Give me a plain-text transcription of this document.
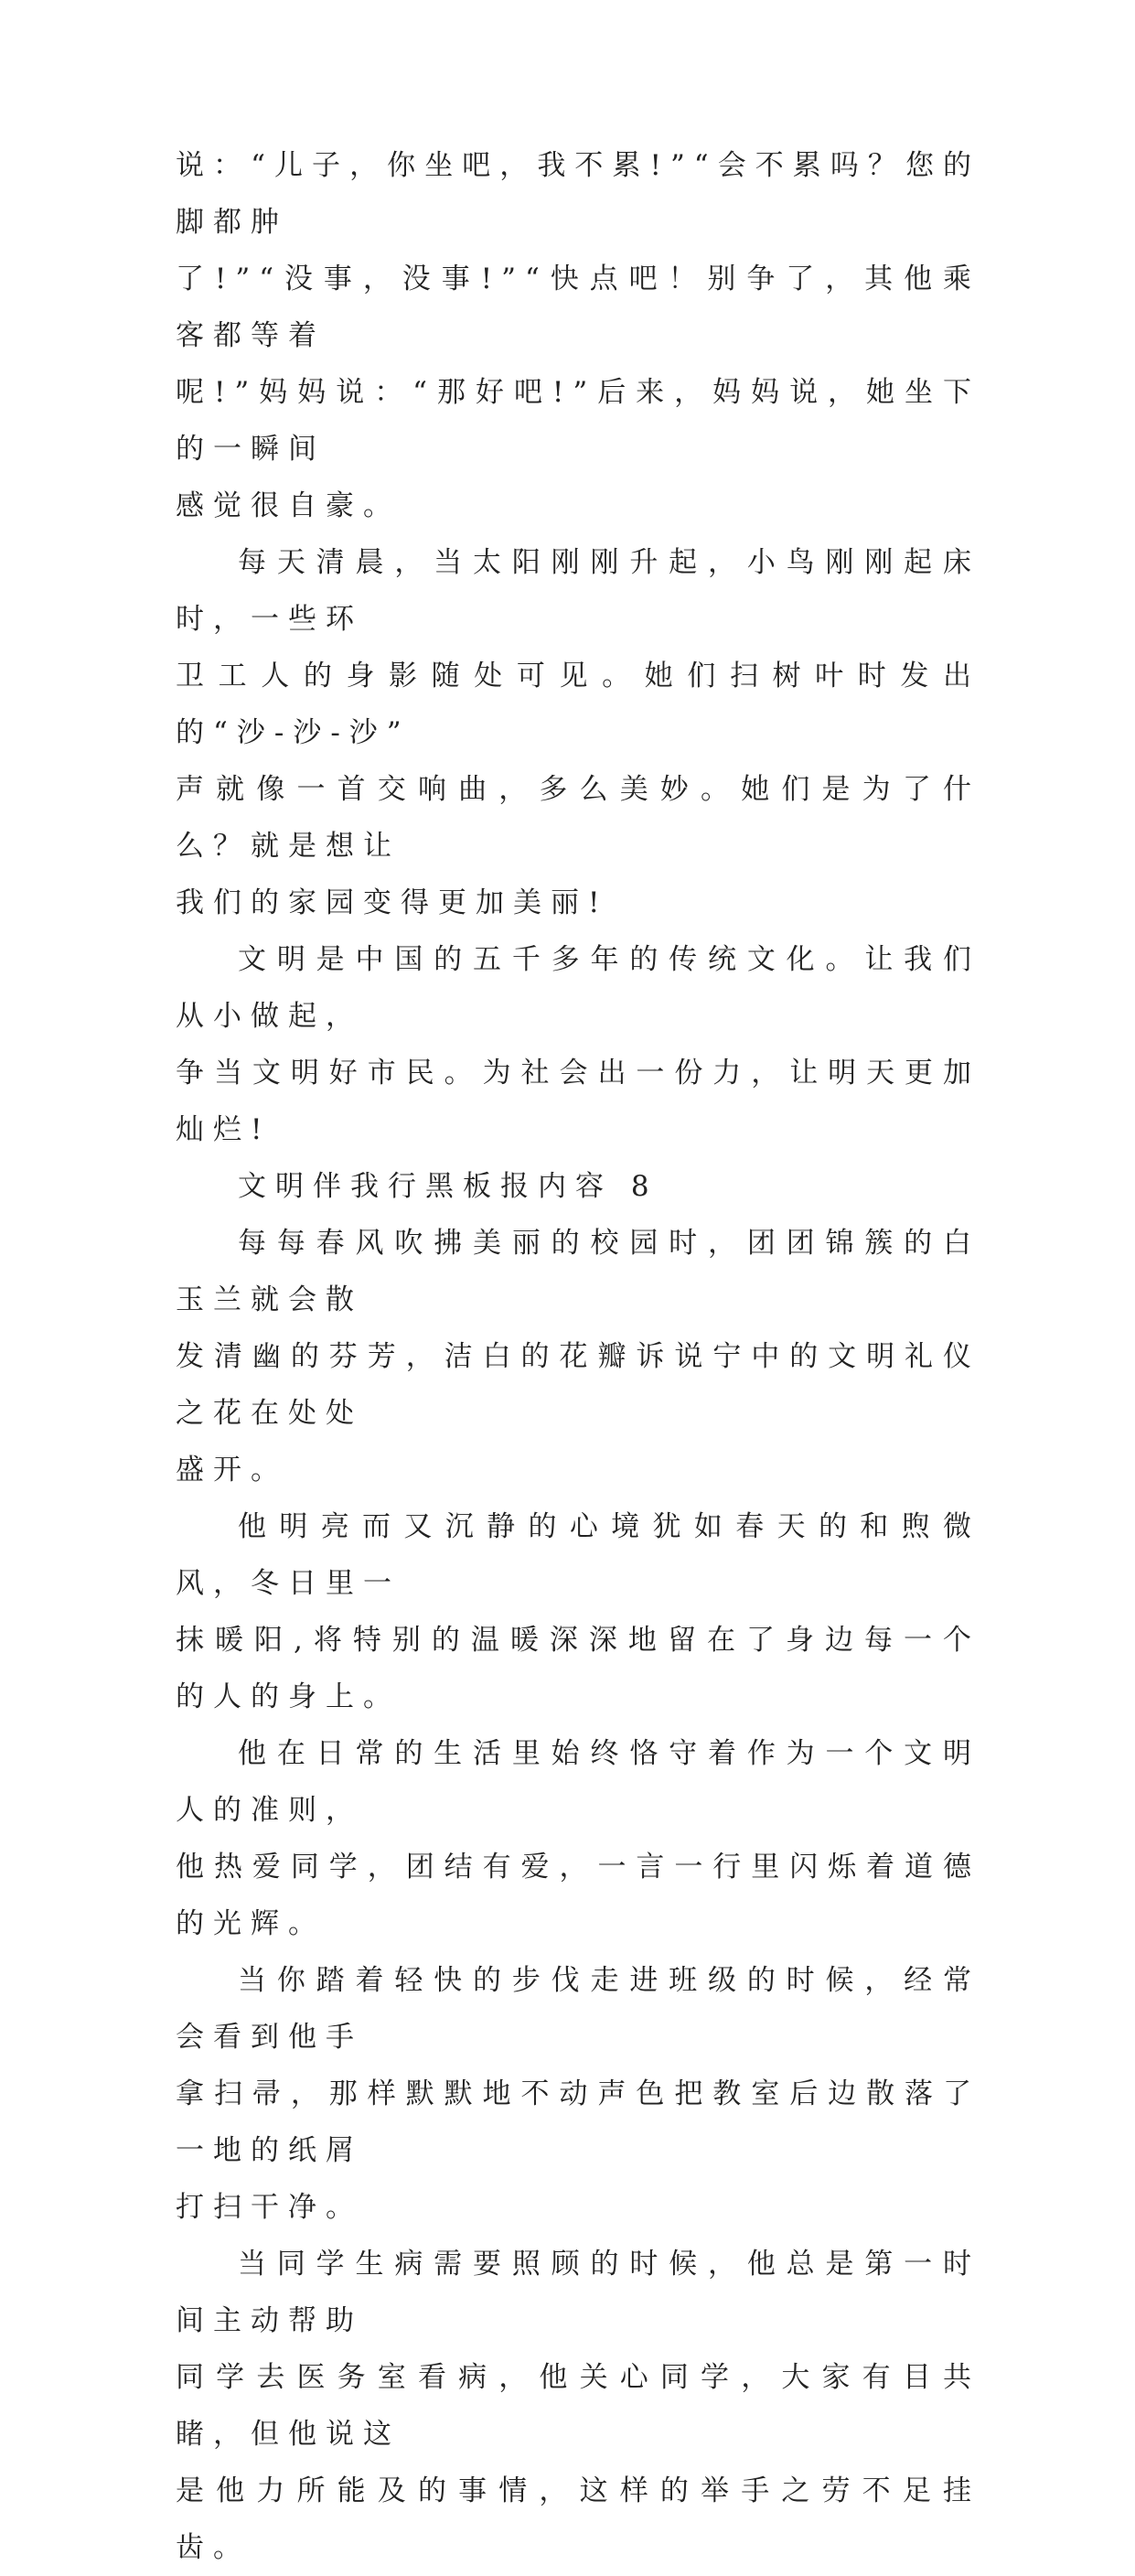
说：“儿子，你坐吧，我不累!”“会不累吗？您的脚都肿
了!”“没事，没事!”“快点吧！别争了，其他乘客都等着
呢!”妈妈说：“那好吧!”后来，妈妈说，她坐下的一瞬间
感觉很自豪。
每天清晨，当太阳刚刚升起，小鸟刚刚起床时，一些环
卫工人的身影随处可见。她们扫树叶时发出的“沙-沙-沙”
声就像一首交响曲，多么美妙。她们是为了什么？就是想让
我们的家园变得更加美丽!
文明是中国的五千多年的传统文化。让我们从小做起，
争当文明好市民。为社会出一份力，让明天更加灿烂!
文明伴我行黑板报内容 8
每每春风吹拂美丽的校园时，团团锦簇的白玉兰就会散
发清幽的芬芳，洁白的花瓣诉说宁中的文明礼仪之花在处处
盛开。
他明亮而又沉静的心境犹如春天的和煦微风，冬日里一
抹暖阳,将特别的温暖深深地留在了身边每一个的人的身上。
他在日常的生活里始终恪守着作为一个文明人的准则，
他热爱同学，团结有爱，一言一行里闪烁着道德的光辉。
当你踏着轻快的步伐走进班级的时候，经常会看到他手
拿扫帚，那样默默地不动声色把教室后边散落了一地的纸屑
打扫干净。
当同学生病需要照顾的时候，他总是第一时间主动帮助
同学去医务室看病，他关心同学，大家有目共睹，但他说这
是他力所能及的事情，这样的举手之劳不足挂齿。
